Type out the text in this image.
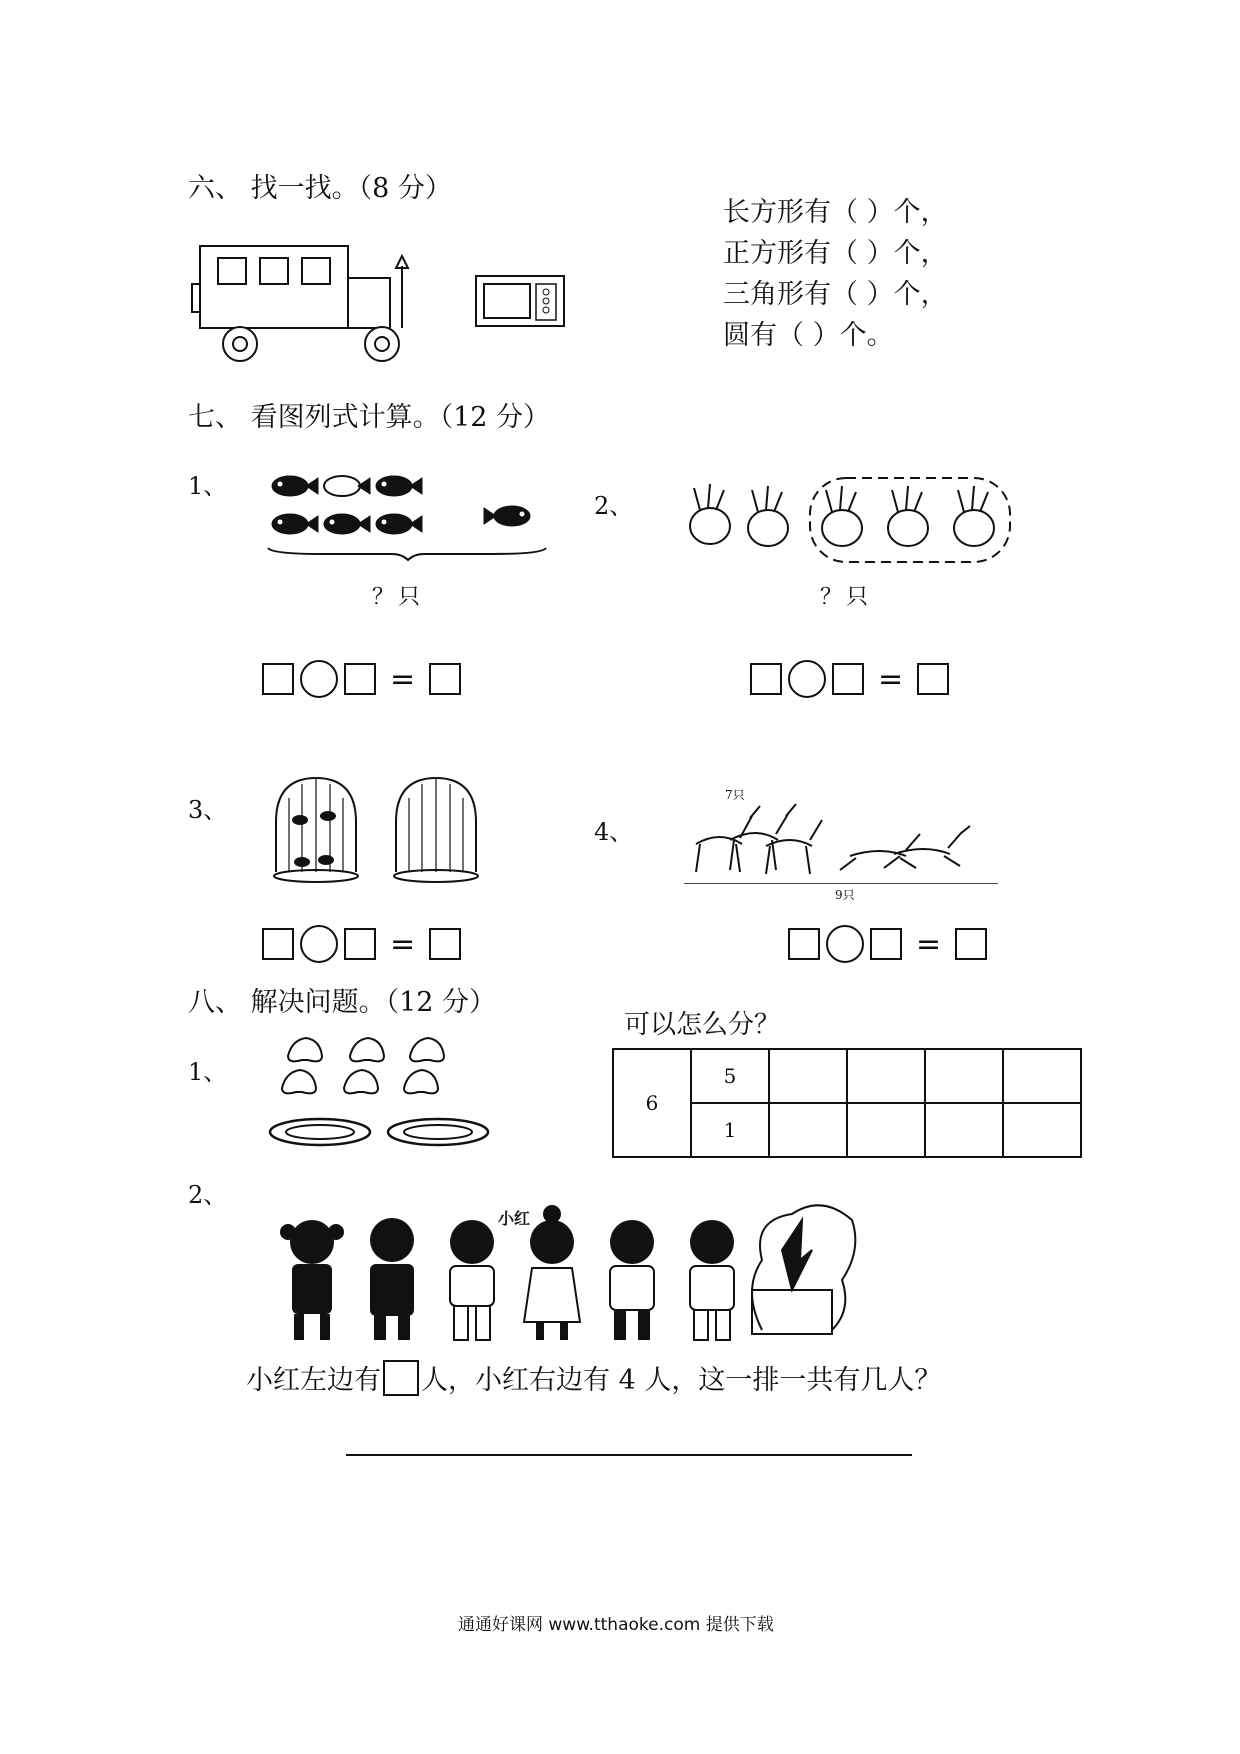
六、 找一找。（8 分）
长方形有（ ）个，
正方形有（ ）个，
三角形有（ ）个，
圆有（ ）个。
七、 看图列式计算。（12 分）
1、
？只
=
2、
？只
=
3、
=
4、
7只
9只
=
八、 解决问题。（12 分）
1、
可以怎么分？
6	5				
	1				
2、
小红
小红左边有 人，小红右边有 4 人，这一排一共有几人？
通通好课网 www.tthaoke.com 提供下载
